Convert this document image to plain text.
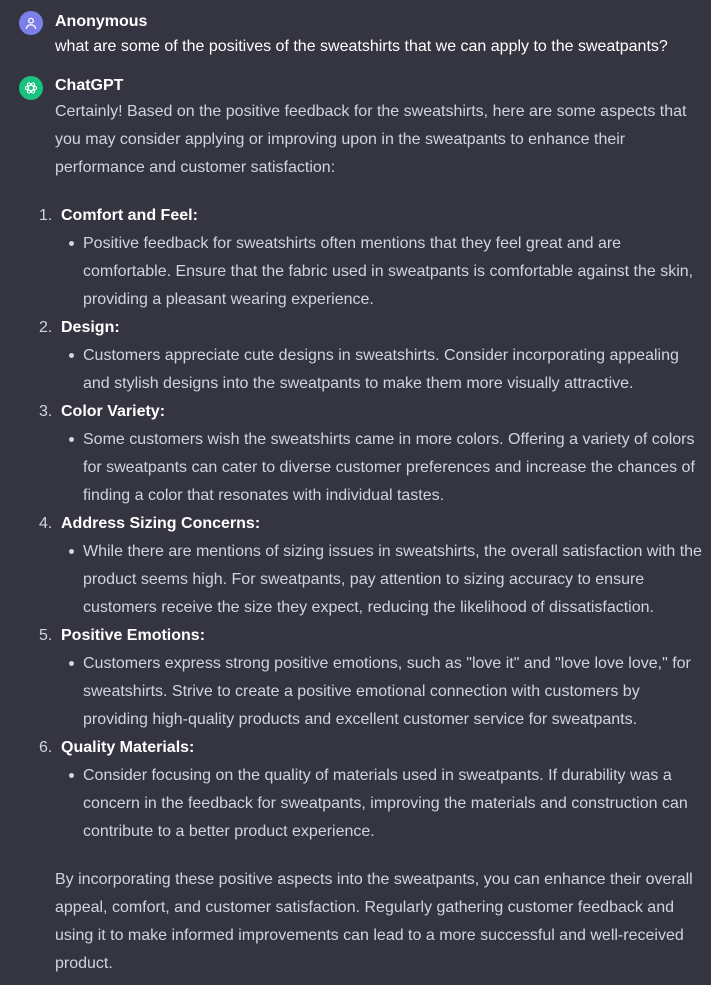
Anonymous
what are some of the positives of the sweatshirts that we can apply to the sweatpants?
ChatGPT
Certainly! Based on the positive feedback for the sweatshirts, here are some aspects that you may consider applying or improving upon in the sweatpants to enhance their performance and customer satisfaction:
1. Comfort and Feel:
Positive feedback for sweatshirts often mentions that they feel great and are comfortable. Ensure that the fabric used in sweatpants is comfortable against the skin, providing a pleasant wearing experience.
2. Design:
Customers appreciate cute designs in sweatshirts. Consider incorporating appealing and stylish designs into the sweatpants to make them more visually attractive.
3. Color Variety:
Some customers wish the sweatshirts came in more colors. Offering a variety of colors for sweatpants can cater to diverse customer preferences and increase the chances of finding a color that resonates with individual tastes.
4. Address Sizing Concerns:
While there are mentions of sizing issues in sweatshirts, the overall satisfaction with the product seems high. For sweatpants, pay attention to sizing accuracy to ensure customers receive the size they expect, reducing the likelihood of dissatisfaction.
5. Positive Emotions:
Customers express strong positive emotions, such as "love it" and "love love love," for sweatshirts. Strive to create a positive emotional connection with customers by providing high-quality products and excellent customer service for sweatpants.
6. Quality Materials:
Consider focusing on the quality of materials used in sweatpants. If durability was a concern in the feedback for sweatpants, improving the materials and construction can contribute to a better product experience.
By incorporating these positive aspects into the sweatpants, you can enhance their overall appeal, comfort, and customer satisfaction. Regularly gathering customer feedback and using it to make informed improvements can lead to a more successful and well-received product.
